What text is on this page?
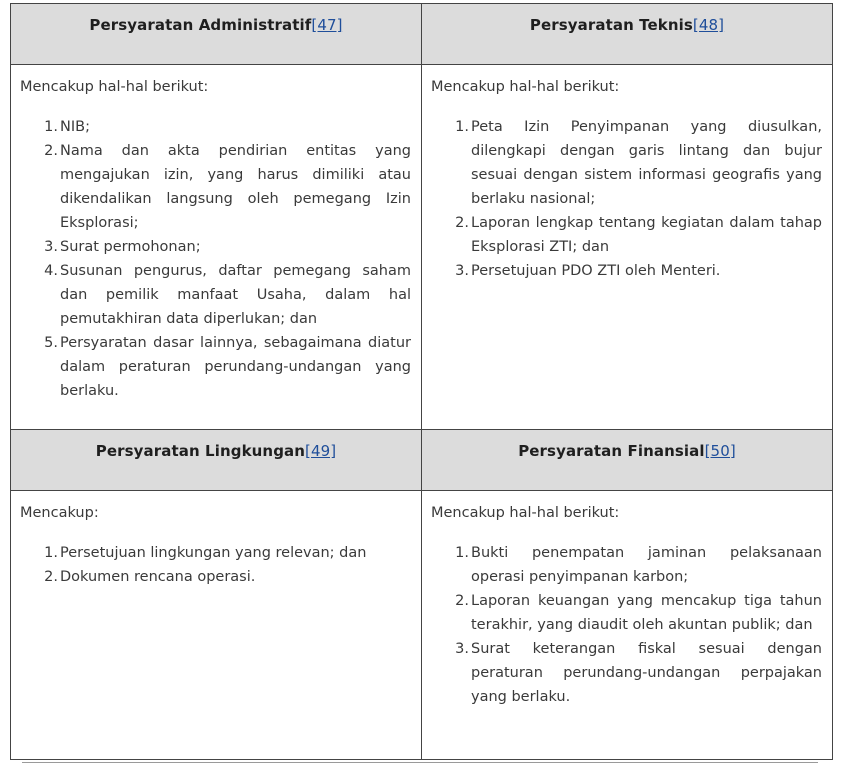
Persyaratan Administratif [47]	Persyaratan Teknis [48]

Mencakup hal-hal berikut:

1. NIB;
2. Nama dan akta pendirian entitas yang mengajukan izin, yang harus dimiliki atau dikendalikan langsung oleh pemegang Izin Eksplorasi;
3. Surat permohonan;
4. Susunan pengurus, daftar pemegang saham dan pemilik manfaat Usaha, dalam hal pemutakhiran data diperlukan; dan
5. Persyaratan dasar lainnya, sebagaimana diatur dalam peraturan perundang-undangan yang berlaku.

Mencakup hal-hal berikut:

1. Peta Izin Penyimpanan yang diusulkan, dilengkapi dengan garis lintang dan bujur sesuai dengan sistem informasi geografis yang berlaku nasional;
2. Laporan lengkap tentang kegiatan dalam tahap Eksplorasi ZTI; dan
3. Persetujuan PDO ZTI oleh Menteri.
Persyaratan Lingkungan [49]	Persyaratan Finansial [50]

Mencakup:

1. Persetujuan lingkungan yang relevan; dan
2. Dokumen rencana operasi.

Mencakup hal-hal berikut:

1. Bukti penempatan jaminan pelaksanaan operasi penyimpanan karbon;
2. Laporan keuangan yang mencakup tiga tahun terakhir, yang diaudit oleh akuntan publik; dan
3. Surat keterangan fiskal sesuai dengan peraturan perundang-undangan perpajakan yang berlaku.
